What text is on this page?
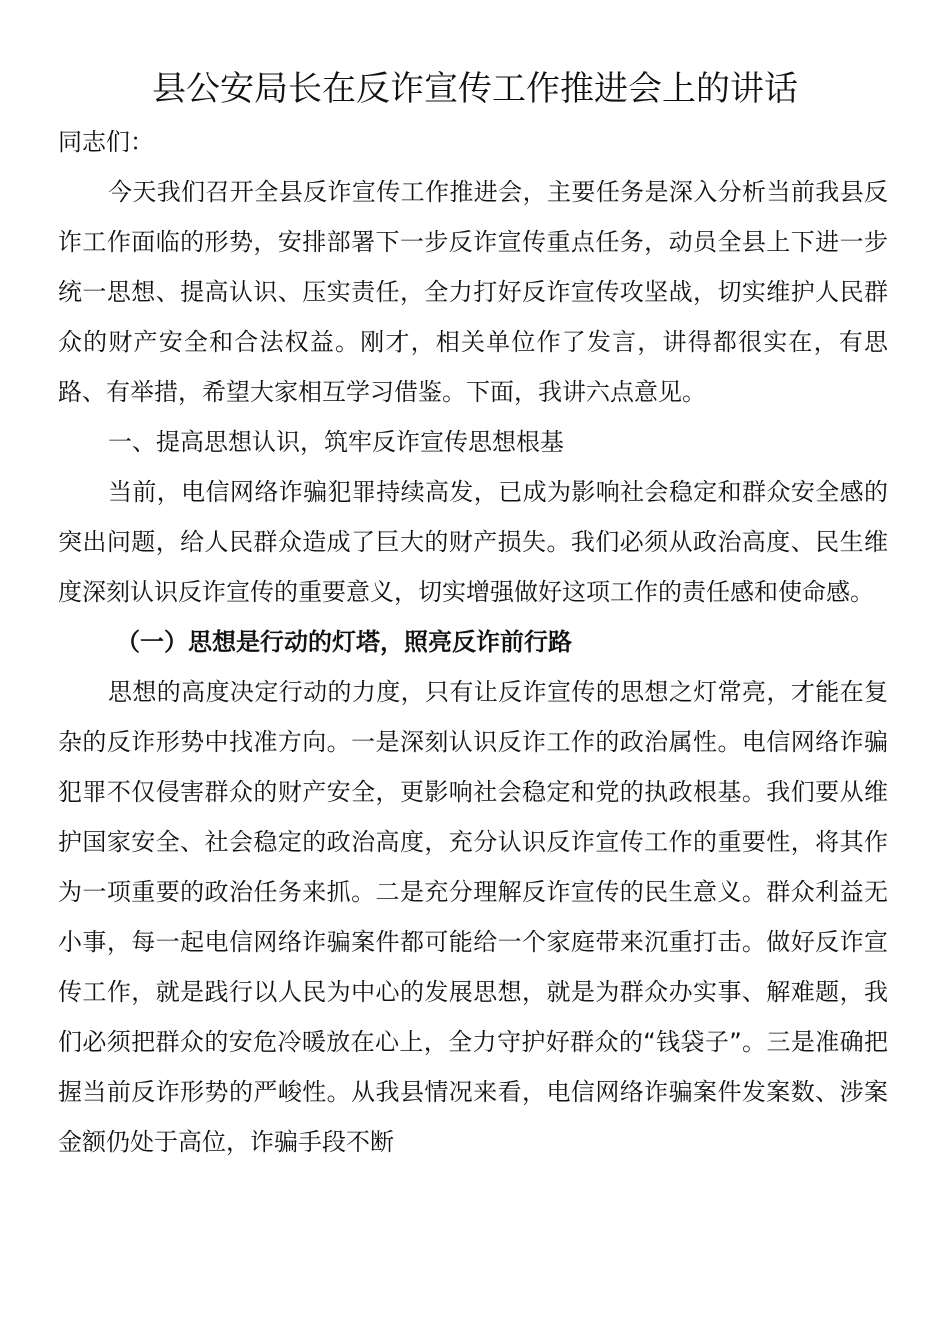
县公安局长在反诈宣传工作推进会上的讲话

同志们：

今天我们召开全县反诈宣传工作推进会，主要任务是深入分析当前我县反诈工作面临的形势，安排部署下一步反诈宣传重点任务，动员全县上下进一步统一思想、提高认识、压实责任，全力打好反诈宣传攻坚战，切实维护人民群众的财产安全和合法权益。刚才，相关单位作了发言，讲得都很实在，有思路、有举措，希望大家相互学习借鉴。下面，我讲六点意见。

一、提高思想认识，筑牢反诈宣传思想根基

当前，电信网络诈骗犯罪持续高发，已成为影响社会稳定和群众安全感的突出问题，给人民群众造成了巨大的财产损失。我们必须从政治高度、民生维度深刻认识反诈宣传的重要意义，切实增强做好这项工作的责任感和使命感。

（一）思想是行动的灯塔，照亮反诈前行路

思想的高度决定行动的力度，只有让反诈宣传的思想之灯常亮，才能在复杂的反诈形势中找准方向。一是深刻认识反诈工作的政治属性。电信网络诈骗犯罪不仅侵害群众的财产安全，更影响社会稳定和党的执政根基。我们要从维护国家安全、社会稳定的政治高度，充分认识反诈宣传工作的重要性，将其作为一项重要的政治任务来抓。二是充分理解反诈宣传的民生意义。群众利益无小事，每一起电信网络诈骗案件都可能给一个家庭带来沉重打击。做好反诈宣传工作，就是践行以人民为中心的发展思想，就是为群众办实事、解难题，我们必须把群众的安危冷暖放在心上，全力守护好群众的“钱袋子”。三是准确把握当前反诈形势的严峻性。从我县情况来看，电信网络诈骗案件发案数、涉案金额仍处于高位，诈骗手段不断
